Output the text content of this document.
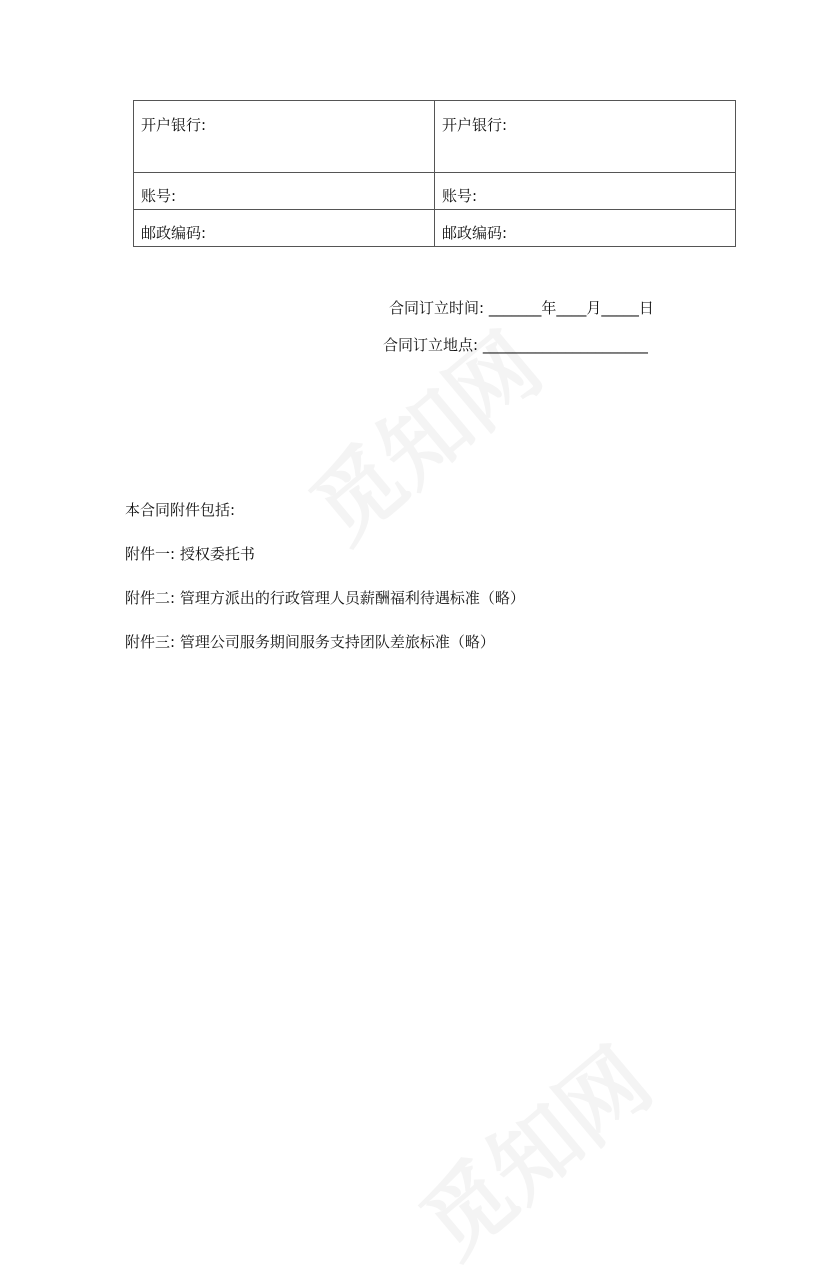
开户银行:	开户银行:
账号:	账号:
邮政编码:	邮政编码:
合同订立时间: _______年____月_____日
合同订立地点: ______________________
本合同附件包括:
附件一: 授权委托书
附件二: 管理方派出的行政管理人员薪酬福利待遇标准（略）
附件三: 管理公司服务期间服务支持团队差旅标准（略）
